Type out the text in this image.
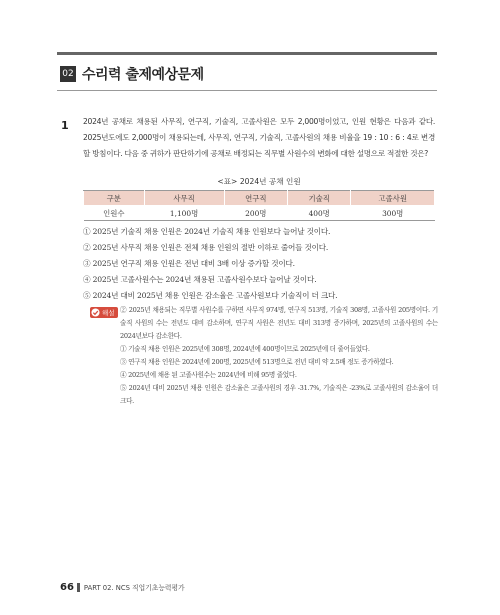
02 수리력 출제예상문제
1 2024년 공채로 채용된 사무직, 연구직, 기술직, 고졸사원은 모두 2,000명이었고, 인원 현황은 다음과 같다. 2025년도에도 2,000명이 채용되는데, 사무직, 연구직, 기술직, 고졸사원의 채용 비율을 19 : 10 : 6 : 4로 변경할 방침이다. 다음 중 귀하가 판단하기에 공채로 배정되는 직무별 사원수의 변화에 대한 설명으로 적절한 것은?

<표> 2024년 공채 인원
구분	사무직	연구직	기술직	고졸사원
인원수	1,100명	200명	400명	300명
① 2025년 기술직 채용 인원은 2024년 기술직 채용 인원보다 늘어날 것이다.
② 2025년 사무직 채용 인원은 전체 채용 인원의 절반 이하로 줄어들 것이다.
③ 2025년 연구직 채용 인원은 전년 대비 3배 이상 증가할 것이다.
④ 2025년 고졸사원수는 2024년 채용된 고졸사원수보다 늘어날 것이다.
⑤ 2024년 대비 2025년 채용 인원은 감소율은 고졸사원보다 기술직이 더 크다.
해설 ② 2025년 채용되는 직무별 사원수를 구하면 사무직 974명, 연구직 513명, 기술직 308명, 고졸사원 205명이다. 기술직 사원의 수는 전년도 대비 감소하며, 연구직 사원은 전년도 대비 313명 증가하며, 2025년의 고졸사원의 수는 2024년보다 감소한다.

① 기술직 채용 인원은 2025년에 308명, 2024년에 400명이므로 2025년에 더 줄어들었다.

③ 연구직 채용 인원은 2024년에 200명, 2025년에 513명으로 전년 대비 약 2.5배 정도 증가하였다.

④ 2025년에 채용 된 고졸사원수는 2024년에 비해 95명 줄었다.

⑤ 2024년 대비 2025년 채용 인원은 감소율은 고졸사원의 경우 -31.7%, 기술직은 -23%로 고졸사원의 감소율이 더 크다.

66 PART 02. NCS 직업기초능력평가
